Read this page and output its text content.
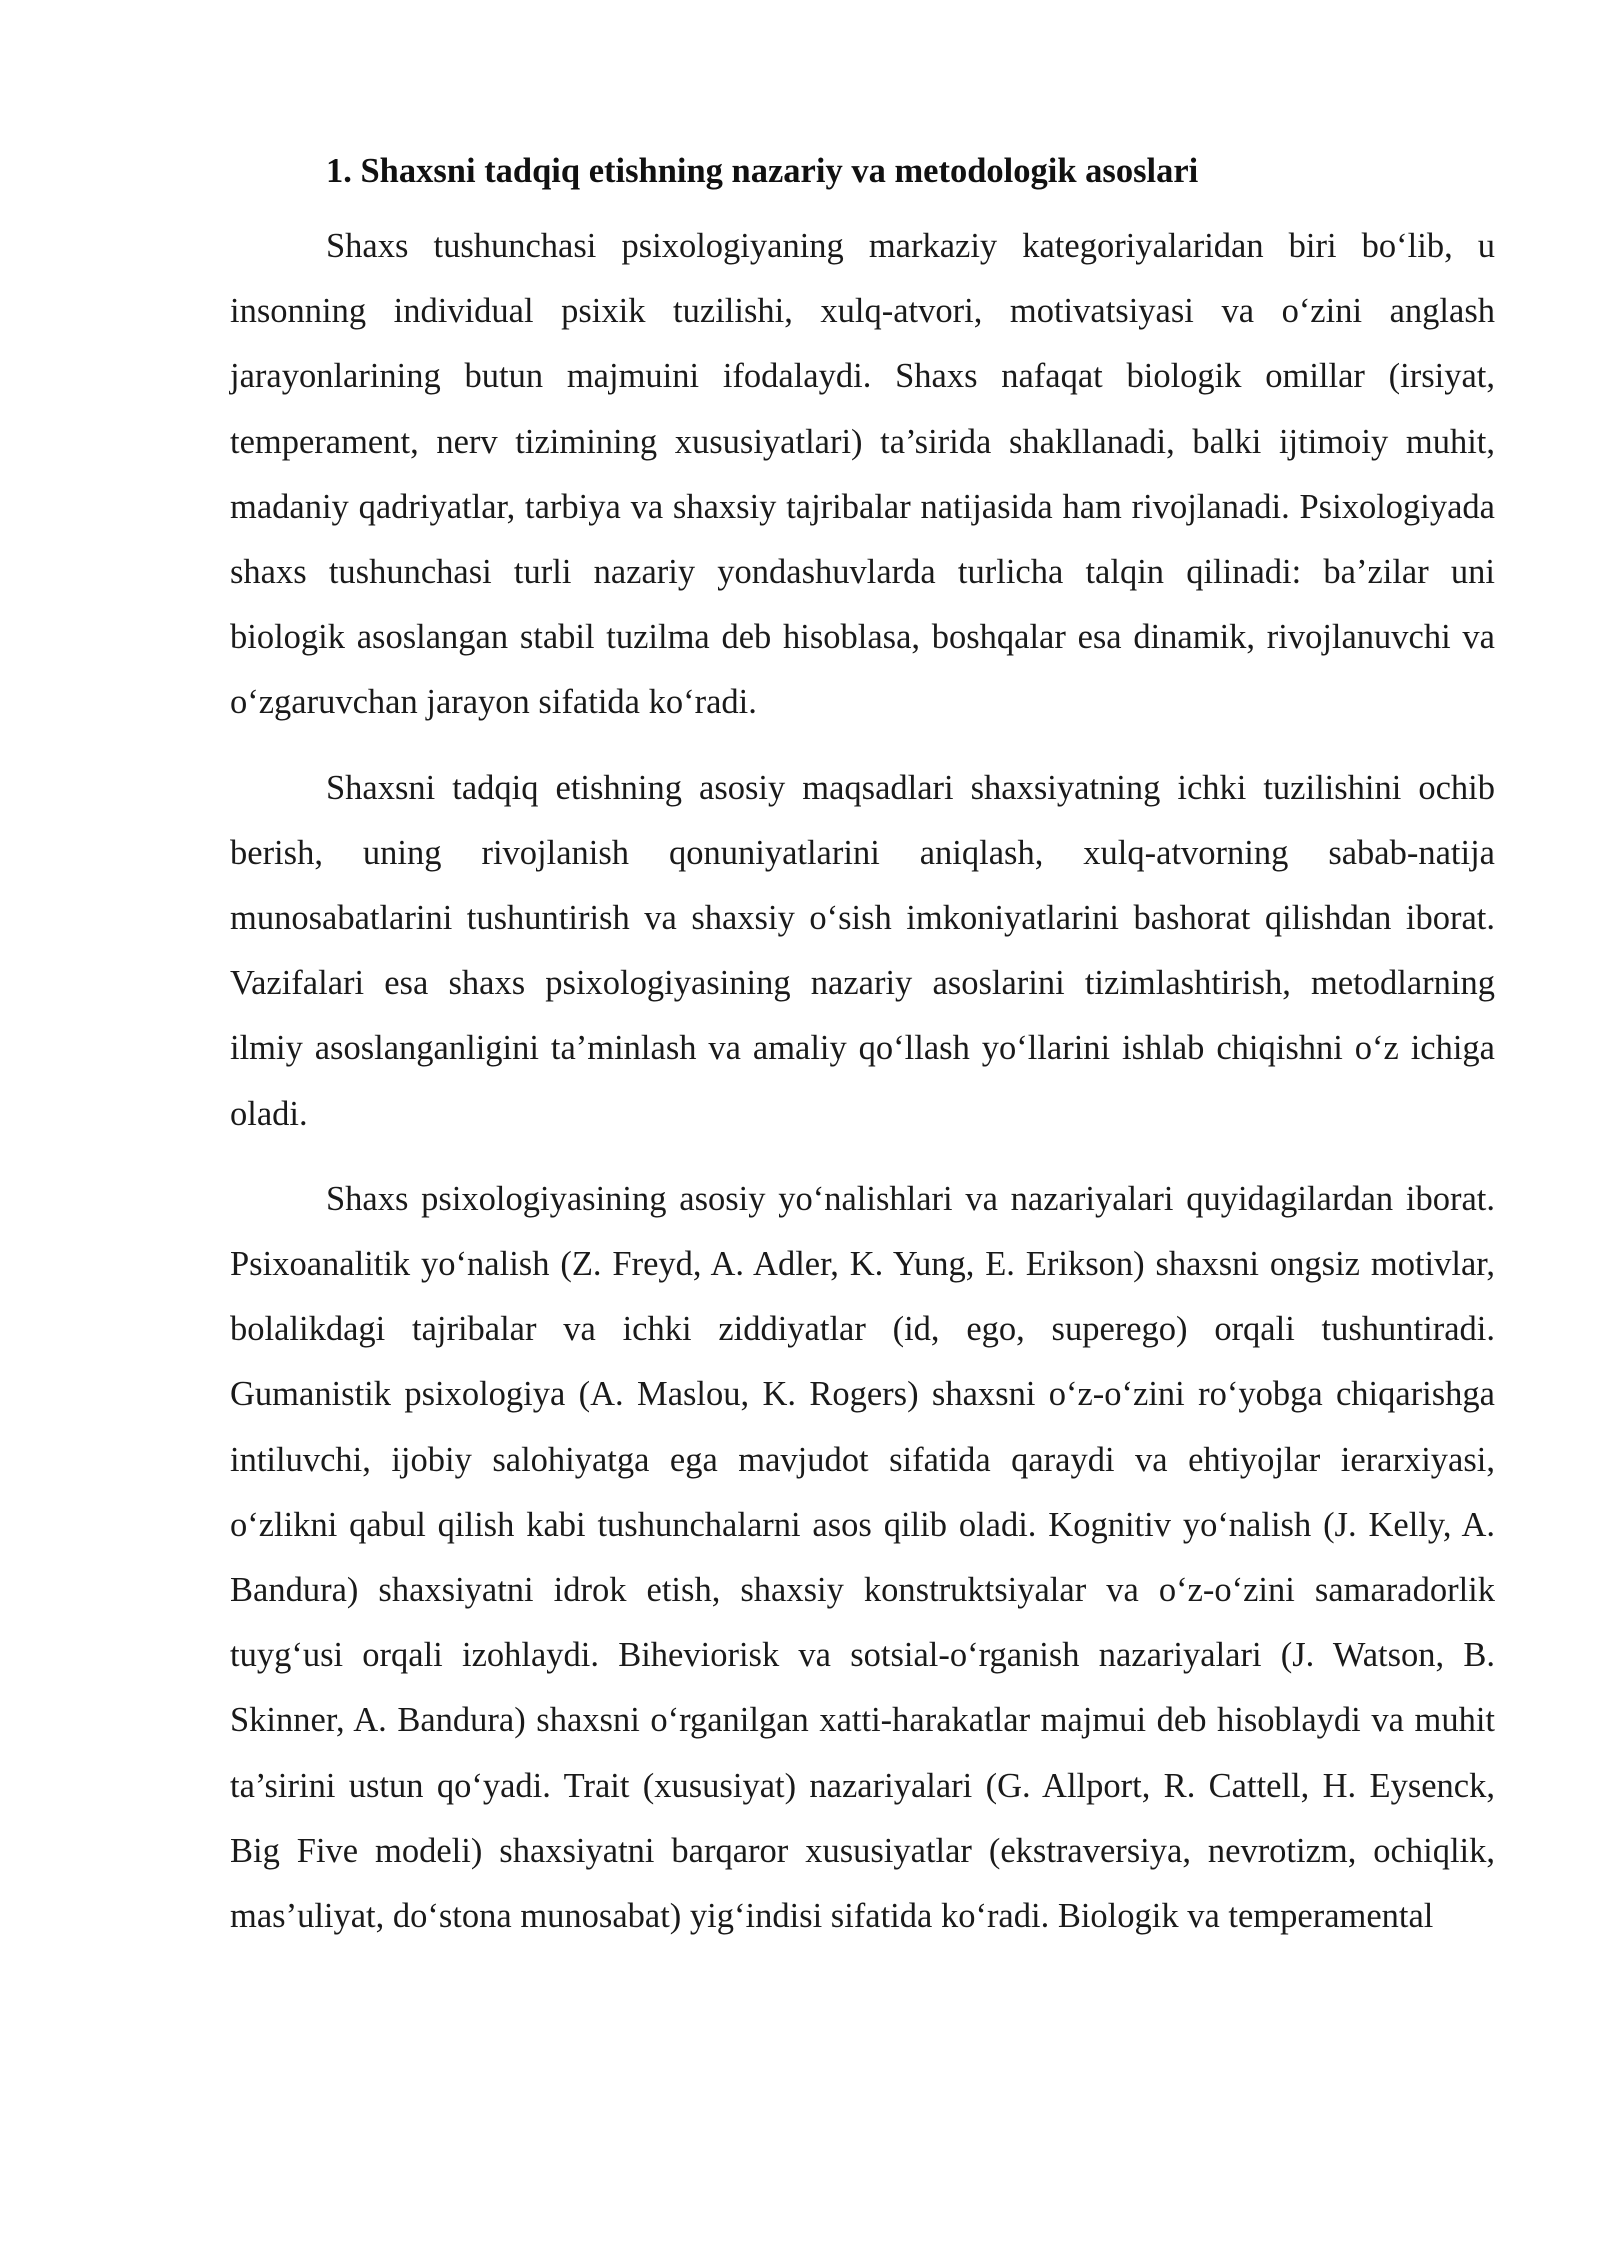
1. Shaxsni tadqiq etishning nazariy va metodologik asoslari

Shaxs tushunchasi psixologiyaning markaziy kategoriyalaridan biri bo‘lib, u insonning individual psixik tuzilishi, xulq-atvori, motivatsiyasi va o‘zini anglash jarayonlarining butun majmuini ifodalaydi. Shaxs nafaqat biologik omillar (irsiyat, temperament, nerv tizimining xususiyatlari) ta’sirida shakllanadi, balki ijtimoiy muhit, madaniy qadriyatlar, tarbiya va shaxsiy tajribalar natijasida ham rivojlanadi. Psixologiyada shaxs tushunchasi turli nazariy yondashuvlarda turlicha talqin qilinadi: ba’zilar uni biologik asoslangan stabil tuzilma deb hisoblasa, boshqalar esa dinamik, rivojlanuvchi va o‘zgaruvchan jarayon sifatida ko‘radi.

Shaxsni tadqiq etishning asosiy maqsadlari shaxsiyatning ichki tuzilishini ochib berish, uning rivojlanish qonuniyatlarini aniqlash, xulq-atvorning sabab-natija munosabatlarini tushuntirish va shaxsiy o‘sish imkoniyatlarini bashorat qilishdan iborat. Vazifalari esa shaxs psixologiyasining nazariy asoslarini tizimlashtirish, metodlarning ilmiy asoslanganligini ta’minlash va amaliy qo‘llash yo‘llarini ishlab chiqishni o‘z ichiga oladi.

Shaxs psixologiyasining asosiy yo‘nalishlari va nazariyalari quyidagilardan iborat. Psixoanalitik yo‘nalish (Z. Freyd, A. Adler, K. Yung, E. Erikson) shaxsni ongsiz motivlar, bolalikdagi tajribalar va ichki ziddiyatlar (id, ego, superego) orqali tushuntiradi. Gumanistik psixologiya (A. Maslou, K. Rogers) shaxsni o‘z-o‘zini ro‘yobga chiqarishga intiluvchi, ijobiy salohiyatga ega mavjudot sifatida qaraydi va ehtiyojlar ierarxiyasi, o‘zlikni qabul qilish kabi tushunchalarni asos qilib oladi. Kognitiv yo‘nalish (J. Kelly, A. Bandura) shaxsiyatni idrok etish, shaxsiy konstruktsiyalar va o‘z-o‘zini samaradorlik tuyg‘usi orqali izohlaydi. Biheviorisk va sotsial-o‘rganish nazariyalari (J. Watson, B. Skinner, A. Bandura) shaxsni o‘rganilgan xatti-harakatlar majmui deb hisoblaydi va muhit ta’sirini ustun qo‘yadi. Trait (xususiyat) nazariyalari (G. Allport, R. Cattell, H. Eysenck, Big Five modeli) shaxsiyatni barqaror xususiyatlar (ekstraversiya, nevrotizm, ochiqlik, mas’uliyat, do‘stona munosabat) yig‘indisi sifatida ko‘radi. Biologik va temperamental
